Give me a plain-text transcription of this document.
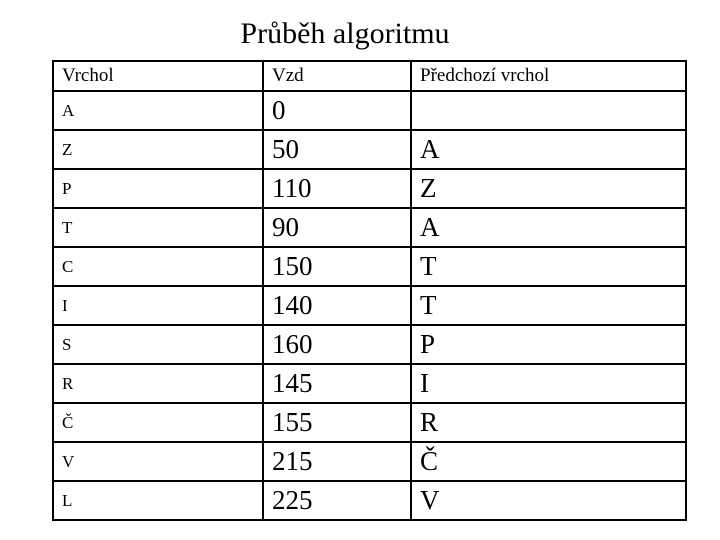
Průběh algoritmu
Vrchol	Vzd	Předchozí vrchol
A	0	
Z	50	A
P	110	Z
T	90	A
C	150	T
I	140	T
S	160	P
R	145	I
Č	155	R
V	215	Č
L	225	V
